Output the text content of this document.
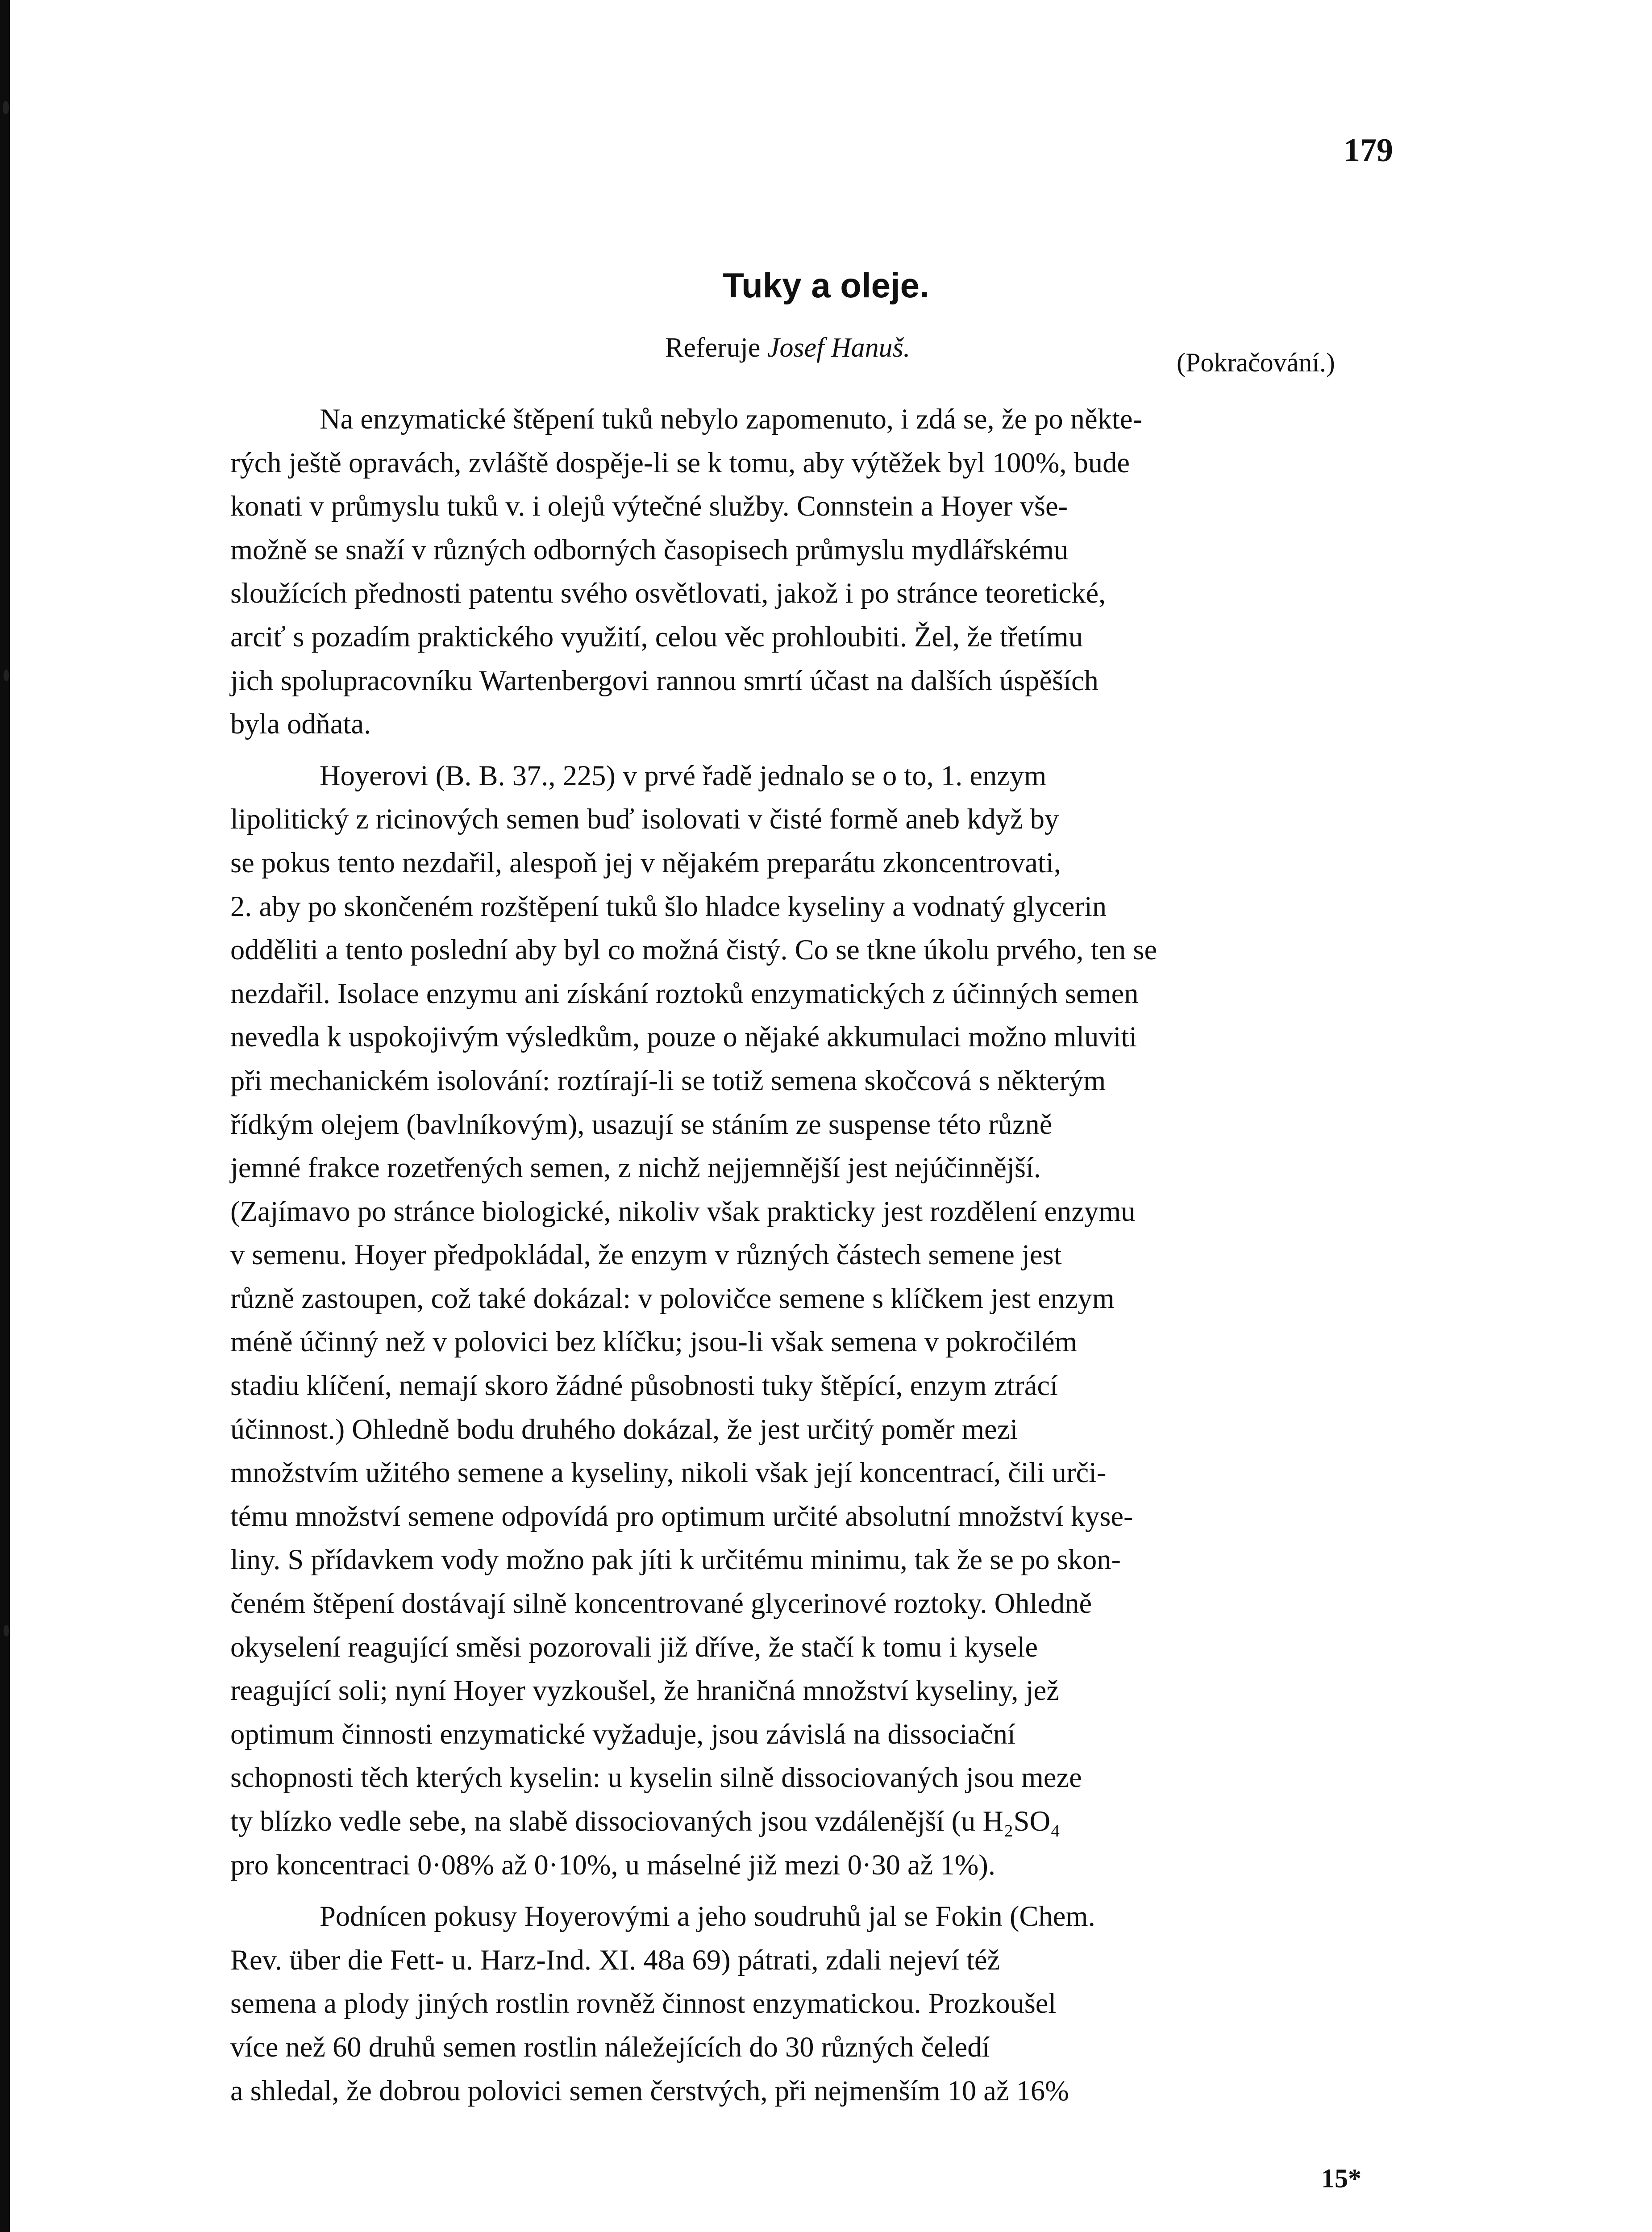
179
Tuky a oleje.
Referuje Josef Hanuš.	(Pokračování.)
Na enzymatické štěpení tuků nebylo zapomenuto, i zdá se, že po někte-
rých ještě opravách, zvláště dospěje-li se k tomu, aby výtěžek byl 100%, bude
konati v průmyslu tuků v. i olejů výtečné služby. Connstein a Hoyer vše-
možně se snaží v různých odborných časopisech průmyslu mydlářskému
sloužících přednosti patentu svého osvětlovati, jakož i po stránce teoretické,
arciť s pozadím praktického využití, celou věc prohloubiti. Žel, že třetímu
jich spolupracovníku Wartenbergovi rannou smrtí účast na dalších úspěších
byla odňata.
Hoyerovi (B. B. 37., 225) v prvé řadě jednalo se o to, 1. enzym
lipolitický z ricinových semen buď isolovati v čisté formě aneb když by
se pokus tento nezdařil, alespoň jej v nějakém preparátu zkoncentrovati,
2. aby po skončeném rozštěpení tuků šlo hladce kyseliny a vodnatý glycerin
odděliti a tento poslední aby byl co možná čistý. Co se tkne úkolu prvého, ten se
nezdařil. Isolace enzymu ani získání roztoků enzymatických z účinných semen
nevedla k uspokojivým výsledkům, pouze o nějaké akkumulaci možno mluviti
při mechanickém isolování: roztírají-li se totiž semena skočcová s některým
řídkým olejem (bavlníkovým), usazují se stáním ze suspense této různě
jemné frakce rozetřených semen, z nichž nejjemnější jest nejúčinnější.
(Zajímavo po stránce biologické, nikoliv však prakticky jest rozdělení enzymu
v semenu. Hoyer předpokládal, že enzym v různých částech semene jest
různě zastoupen, což také dokázal: v polovičce semene s klíčkem jest enzym
méně účinný než v polovici bez klíčku; jsou-li však semena v pokročilém
stadiu klíčení, nemají skoro žádné působnosti tuky štěpící, enzym ztrácí
účinnost.) Ohledně bodu druhého dokázal, že jest určitý poměr mezi
množstvím užitého semene a kyseliny, nikoli však její koncentrací, čili urči-
tému množství semene odpovídá pro optimum určité absolutní množství kyse-
liny. S přídavkem vody možno pak jíti k určitému minimu, tak že se po skon-
čeném štěpení dostávají silně koncentrované glycerinové roztoky. Ohledně
okyselení reagující směsi pozorovali již dříve, že stačí k tomu i kysele
reagující soli; nyní Hoyer vyzkoušel, že hraničná množství kyseliny, jež
optimum činnosti enzymatické vyžaduje, jsou závislá na dissociační
schopnosti těch kterých kyselin: u kyselin silně dissociovaných jsou meze
ty blízko vedle sebe, na slabě dissociovaných jsou vzdálenější (u H₂SO₄
pro koncentraci 0·08% až 0·10%, u máselné již mezi 0·30 až 1%).
Podnícen pokusy Hoyerovými a jeho soudruhů jal se Fokin (Chem.
Rev. über die Fett- u. Harz-Ind. XI. 48a 69) pátrati, zdali nejeví též
semena a plody jiných rostlin rovněž činnost enzymatickou. Prozkoušel
více než 60 druhů semen rostlin náležejících do 30 různých čeledí
a shledal, že dobrou polovici semen čerstvých, při nejmenším 10 až 16%
15*
